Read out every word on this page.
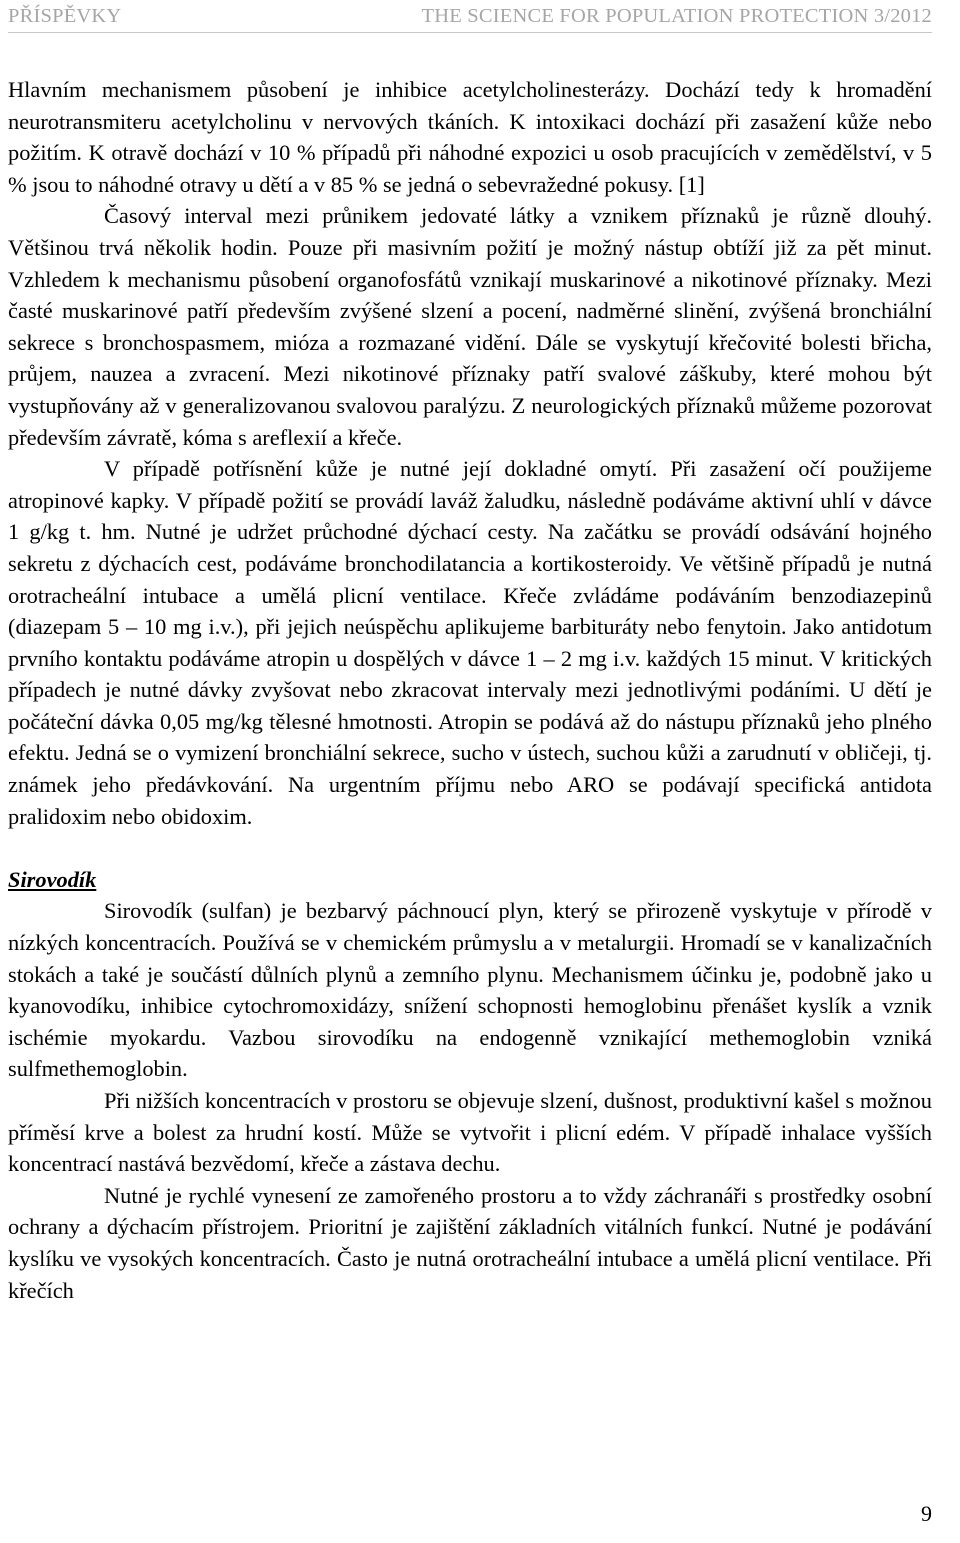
PŘÍSPĚVKY	THE SCIENCE FOR POPULATION PROTECTION 3/2012

Hlavním mechanismem působení je inhibice acetylcholinesterázy. Dochází tedy k hromadění neurotransmiteru acetylcholinu v nervových tkáních. K intoxikaci dochází při zasažení kůže nebo požitím. K otravě dochází v 10 % případů při náhodné expozici u osob pracujících v zemědělství, v 5 % jsou to náhodné otravy u dětí a v 85 % se jedná o sebevražedné pokusy. [1]

Časový interval mezi průnikem jedovaté látky a vznikem příznaků je různě dlouhý. Většinou trvá několik hodin. Pouze při masivním požití je možný nástup obtíží již za pět minut. Vzhledem k mechanismu působení organofosfátů vznikají muskarinové a nikotinové příznaky. Mezi časté muskarinové patří především zvýšené slzení a pocení, nadměrné slinění, zvýšená bronchiální sekrece s bronchospasmem, mióza a rozmazané vidění. Dále se vyskytují křečovité bolesti břicha, průjem, nauzea a zvracení. Mezi nikotinové příznaky patří svalové záškuby, které mohou být vystupňovány až v generalizovanou svalovou paralýzu. Z neurologických příznaků můžeme pozorovat především závratě, kóma s areflexií a křeče.

V případě potřísnění kůže je nutné její dokladné omytí. Při zasažení očí použijeme atropinové kapky. V případě požití se provádí laváž žaludku, následně podáváme aktivní uhlí v dávce 1 g/kg t. hm. Nutné je udržet průchodné dýchací cesty. Na začátku se provádí odsávání hojného sekretu z dýchacích cest, podáváme bronchodilatancia a kortikosteroidy. Ve většině případů je nutná orotracheální intubace a umělá plicní ventilace. Křeče zvládáme podáváním benzodiazepinů (diazepam 5 – 10 mg i.v.), při jejich neúspěchu aplikujeme barbituráty nebo fenytoin. Jako antidotum prvního kontaktu podáváme atropin u dospělých v dávce 1 – 2 mg i.v. každých 15 minut. V kritických případech je nutné dávky zvyšovat nebo zkracovat intervaly mezi jednotlivými podáními. U dětí je počáteční dávka 0,05 mg/kg tělesné hmotnosti. Atropin se podává až do nástupu příznaků jeho plného efektu. Jedná se o vymizení bronchiální sekrece, sucho v ústech, suchou kůži a zarudnutí v obličeji, tj. známek jeho předávkování. Na urgentním příjmu nebo ARO se podávají specifická antidota pralidoxim nebo obidoxim.

Sirovodík

Sirovodík (sulfan) je bezbarvý páchnoucí plyn, který se přirozeně vyskytuje v přírodě v nízkých koncentracích. Používá se v chemickém průmyslu a v metalurgii. Hromadí se v kanalizačních stokách a také je součástí důlních plynů a zemního plynu. Mechanismem účinku je, podobně jako u kyanovodíku, inhibice cytochromoxidázy, snížení schopnosti hemoglobinu přenášet kyslík a vznik ischémie myokardu. Vazbou sirovodíku na endogenně vznikající methemoglobin vzniká sulfmethemoglobin.

Při nižších koncentracích v prostoru se objevuje slzení, dušnost, produktivní kašel s možnou příměsí krve a bolest za hrudní kostí. Může se vytvořit i plicní edém. V případě inhalace vyšších koncentrací nastává bezvědomí, křeče a zástava dechu.

Nutné je rychlé vynesení ze zamořeného prostoru a to vždy záchranáři s prostředky osobní ochrany a dýchacím přístrojem. Prioritní je zajištění základních vitálních funkcí. Nutné je podávání kyslíku ve vysokých koncentracích. Často je nutná orotracheální intubace a umělá plicní ventilace. Při křečích

9
